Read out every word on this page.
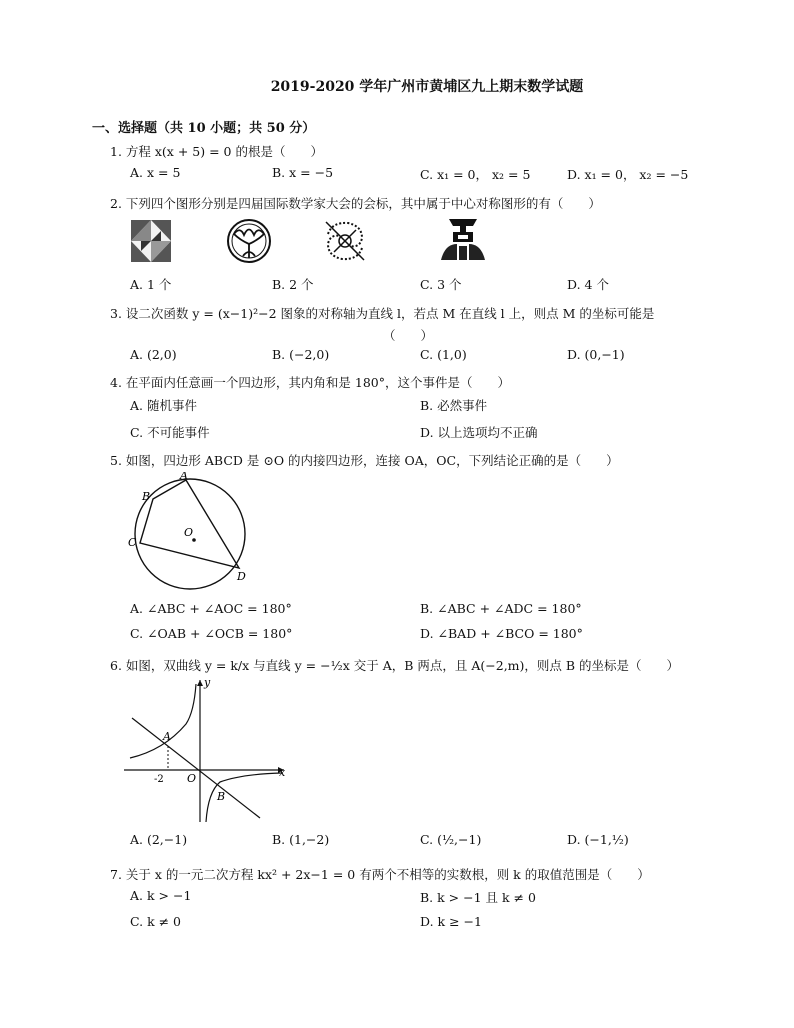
2019-2020 学年广州市黄埔区九上期末数学试题
一、选择题（共 10 小题；共 50 分）
1. 方程 x(x + 5) = 0 的根是（　　）
A. x = 5	B. x = −5	C. x₁ = 0， x₂ = 5	D. x₁ = 0， x₂ = −5
2. 下列四个图形分别是四届国际数学家大会的会标，其中属于中心对称图形的有（　　）
A. 1 个	B. 2 个	C. 3 个	D. 4 个
3. 设二次函数 y = (x−1)²−2 图象的对称轴为直线 l，若点 M 在直线 l 上，则点 M 的坐标可能是
（　　）
A. (2,0)	B. (−2,0)	C. (1,0)	D. (0,−1)
4. 在平面内任意画一个四边形，其内角和是 180°，这个事件是（　　）
A. 随机事件	B. 必然事件
C. 不可能事件	D. 以上选项均不正确
5. 如图，四边形 ABCD 是 ⊙O 的内接四边形，连接 OA，OC，下列结论正确的是（　　）
A
B
C
D
O
A. ∠ABC + ∠AOC = 180°	B. ∠ABC + ∠ADC = 180°
C. ∠OAB + ∠OCB = 180°	D. ∠BAD + ∠BCO = 180°
6. 如图，双曲线 y = k/x 与直线 y = −½x 交于 A，B 两点，且 A(−2,m)，则点 B 的坐标是（　　）
y
x
O
A
B
-2
A. (2,−1)	B. (1,−2)	C. (½,−1)	D. (−1,½)
7. 关于 x 的一元二次方程 kx² + 2x−1 = 0 有两个不相等的实数根，则 k 的取值范围是（　　）
A. k > −1	B. k > −1 且 k ≠ 0
C. k ≠ 0	D. k ≥ −1
